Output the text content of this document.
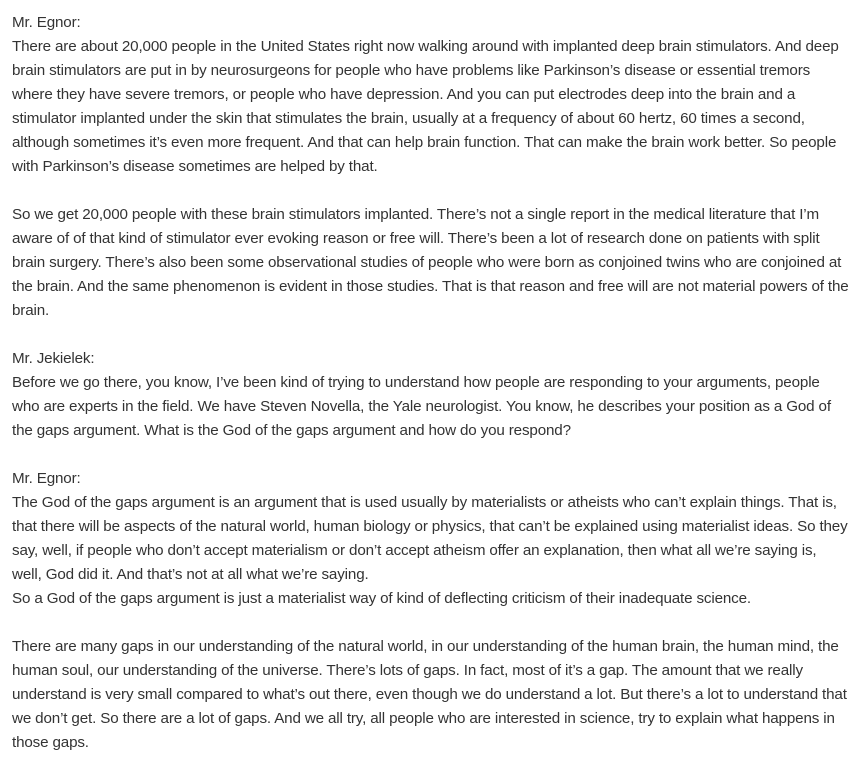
Mr. Egnor:

There are about 20,000 people in the United States right now walking around with implanted deep brain stimulators. And deep brain stimulators are put in by neurosurgeons for people who have problems like Parkinson’s disease or essential tremors where they have severe tremors, or people who have depression. And you can put electrodes deep into the brain and a stimulator implanted under the skin that stimulates the brain, usually at a frequency of about 60 hertz, 60 times a second, although sometimes it’s even more frequent. And that can help brain function. That can make the brain work better. So people with Parkinson’s disease sometimes are helped by that.

So we get 20,000 people with these brain stimulators implanted. There’s not a single report in the medical literature that I’m aware of of that kind of stimulator ever evoking reason or free will. There’s been a lot of research done on patients with split brain surgery. There’s also been some observational studies of people who were born as conjoined twins who are conjoined at the brain. And the same phenomenon is evident in those studies. That is that reason and free will are not material powers of the brain.

Mr. Jekielek:

Before we go there, you know, I’ve been kind of trying to understand how people are responding to your arguments, people who are experts in the field. We have Steven Novella, the Yale neurologist. You know, he describes your position as a God of the gaps argument. What is the God of the gaps argument and how do you respond?

Mr. Egnor:

The God of the gaps argument is an argument that is used usually by materialists or atheists who can’t explain things. That is, that there will be aspects of the natural world, human biology or physics, that can’t be explained using materialist ideas. So they say, well, if people who don’t accept materialism or don’t accept atheism offer an explanation, then what all we’re saying is, well, God did it. And that’s not at all what we’re saying.

So a God of the gaps argument is just a materialist way of kind of deflecting criticism of their inadequate science.

There are many gaps in our understanding of the natural world, in our understanding of the human brain, the human mind, the human soul, our understanding of the universe. There’s lots of gaps. In fact, most of it’s a gap. The amount that we really understand is very small compared to what’s out there, even though we do understand a lot. But there’s a lot to understand that we don’t get. So there are a lot of gaps. And we all try, all people who are interested in science, try to explain what happens in those gaps.
